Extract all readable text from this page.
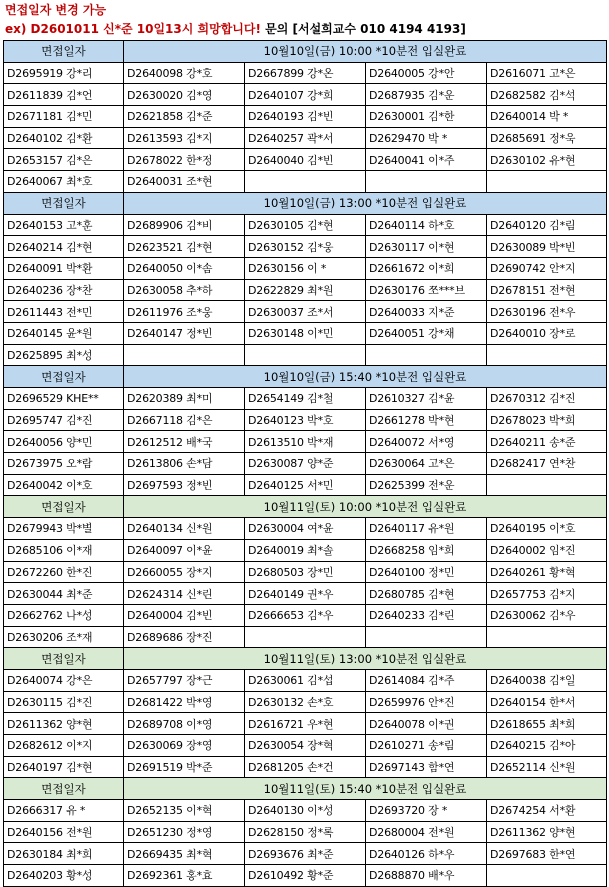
면접일자 변경 가능
ex) D2601011 신*준 10일13시 희망합니다! 문의 [서설희교수 010 4194 4193]
면접일자	10월10일(금) 10:00 *10분전 입실완료			
D2695919 강*리	D2640098 강*호	D2667899 강*온	D2640005 강*안	D2616071 고*은
D2611839 김*언	D2630020 김*영	D2640107 강*희	D2687935 김*운	D2682582 김*석
D2671181 김*민	D2621858 김*준	D2640193 김*빈	D2630001 김*한	D2640014 박 *
D2640102 김*환	D2613593 김*지	D2640257 곽*서	D2629470 박 *	D2685691 정*욱
D2653157 김*은	D2678022 한*정	D2640040 김*빈	D2640041 이*주	D2630102 유*현
D2640067 최*호	D2640031 조*현			
면접일자	10월10일(금) 13:00 *10분전 입실완료			
D2640153 고*훈	D2689906 김*비	D2630105 김*현	D2640114 하*호	D2640120 김*림
D2640214 김*현	D2623521 김*현	D2630152 김*웅	D2630117 이*현	D2630089 박*빈
D2640091 박*환	D2640050 이*솜	D2630156 이 *	D2661672 이*희	D2690742 안*지
D2640236 장*찬	D2630058 추*하	D2622829 최*원	D2630176 쪼***브	D2678151 전*현
D2611443 전*민	D2611976 조*웅	D2630037 조*서	D2640033 지*준	D2630196 전*우
D2640145 윤*원	D2640147 정*빈	D2630148 이*민	D2640051 강*채	D2640010 장*로
D2625895 최*성				
면접일자	10월10일(금) 15:40 *10분전 입실완료			
D2696529 KHE**	D2620389 최*미	D2654149 김*철	D2610327 김*윤	D2670312 김*진
D2695747 김*진	D2667118 김*은	D2640123 박*호	D2661278 박*현	D2678023 박*희
D2640056 양*민	D2612512 배*국	D2613510 박*재	D2640072 서*영	D2640211 송*준
D2673975 오*람	D2613806 손*담	D2630087 양*준	D2630064 고*은	D2682417 연*찬
D2640042 이*호	D2697593 정*빈	D2640125 서*민	D2625399 전*운	
면접일자	10월11일(토) 10:00 *10분전 입실완료			
D2679943 박*별	D2640134 신*원	D2630004 여*윤	D2640117 유*원	D2640195 이*호
D2685106 이*재	D2640097 이*윤	D2640019 최*솔	D2668258 임*희	D2640002 임*진
D2672260 한*진	D2660055 장*지	D2680503 장*민	D2640100 정*민	D2640261 황*혁
D2630044 최*준	D2624314 신*린	D2640149 권*우	D2680785 김*현	D2657753 김*지
D2662762 나*성	D2640004 김*빈	D2666653 김*우	D2640233 김*린	D2630062 김*우
D2630206 조*재	D2689686 장*진			
면접일자	10월11일(토) 13:00 *10분전 입실완료			
D2640074 강*은	D2657797 장*근	D2630061 김*섭	D2614084 김*주	D2640038 김*일
D2630115 김*진	D2681422 박*영	D2630132 손*호	D2659976 안*진	D2640154 한*서
D2611362 양*현	D2689708 이*영	D2616721 우*현	D2640078 이*권	D2618655 최*희
D2682612 이*지	D2630069 장*영	D2630054 장*혁	D2610271 송*림	D2640215 김*아
D2640197 김*현	D2691519 박*준	D2681205 손*건	D2697143 함*연	D2652114 신*원
면접일자	10월11일(토) 15:40 *10분전 입실완료			
D2666317 유 *	D2652135 이*혁	D2640130 이*성	D2693720 장 *	D2674254 서*환
D2640156 전*원	D2651230 정*영	D2628150 정*록	D2680004 전*원	D2611362 양*현
D2630184 최*희	D2669435 최*혁	D2693676 최*준	D2640126 하*우	D2697683 한*연
D2640203 황*성	D2692361 홍*효	D2610492 황*준	D2688870 배*우	
